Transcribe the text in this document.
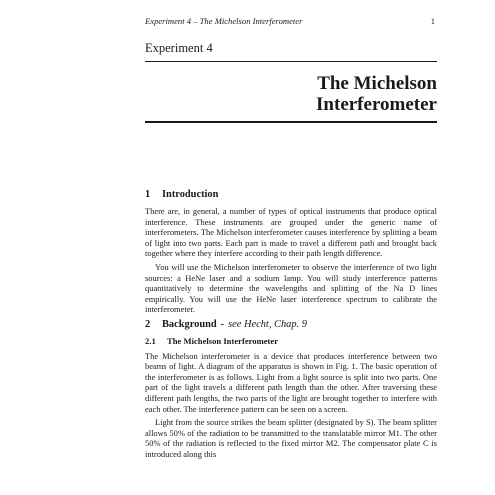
Experiment 4 – The Michelson Interferometer	1
Experiment 4
The Michelson
Interferometer
1	Introduction

There are, in general, a number of types of optical instruments that produce optical interference. These instruments are grouped under the generic name of interferometers. The Michelson interferometer causes interference by splitting a beam of light into two parts. Each part is made to travel a different path and brought back together where they interfere according to their path length difference.

You will use the Michelson interferometer to observe the interference of two light sources: a HeNe laser and a sodium lamp. You will study interference patterns quantitatively to determine the wavelengths and splitting of the Na D lines empirically. You will use the HeNe laser interference spectrum to calibrate the interferometer.

2	Background - see Hecht, Chap. 9
2.1	The Michelson Interferometer

The Michelson interferometer is a device that produces interference between two beams of light. A diagram of the apparatus is shown in Fig. 1. The basic operation of the interferometer is as follows. Light from a light source is split into two parts. One part of the light travels a different path length than the other. After traversing these different path lengths, the two parts of the light are brought together to interfere with each other. The interference pattern can be seen on a screen.

Light from the source strikes the beam splitter (designated by S). The beam splitter allows 50% of the radiation to be transmitted to the translatable mirror M1. The other 50% of the radiation is reflected to the fixed mirror M2. The compensator plate C is introduced along this
